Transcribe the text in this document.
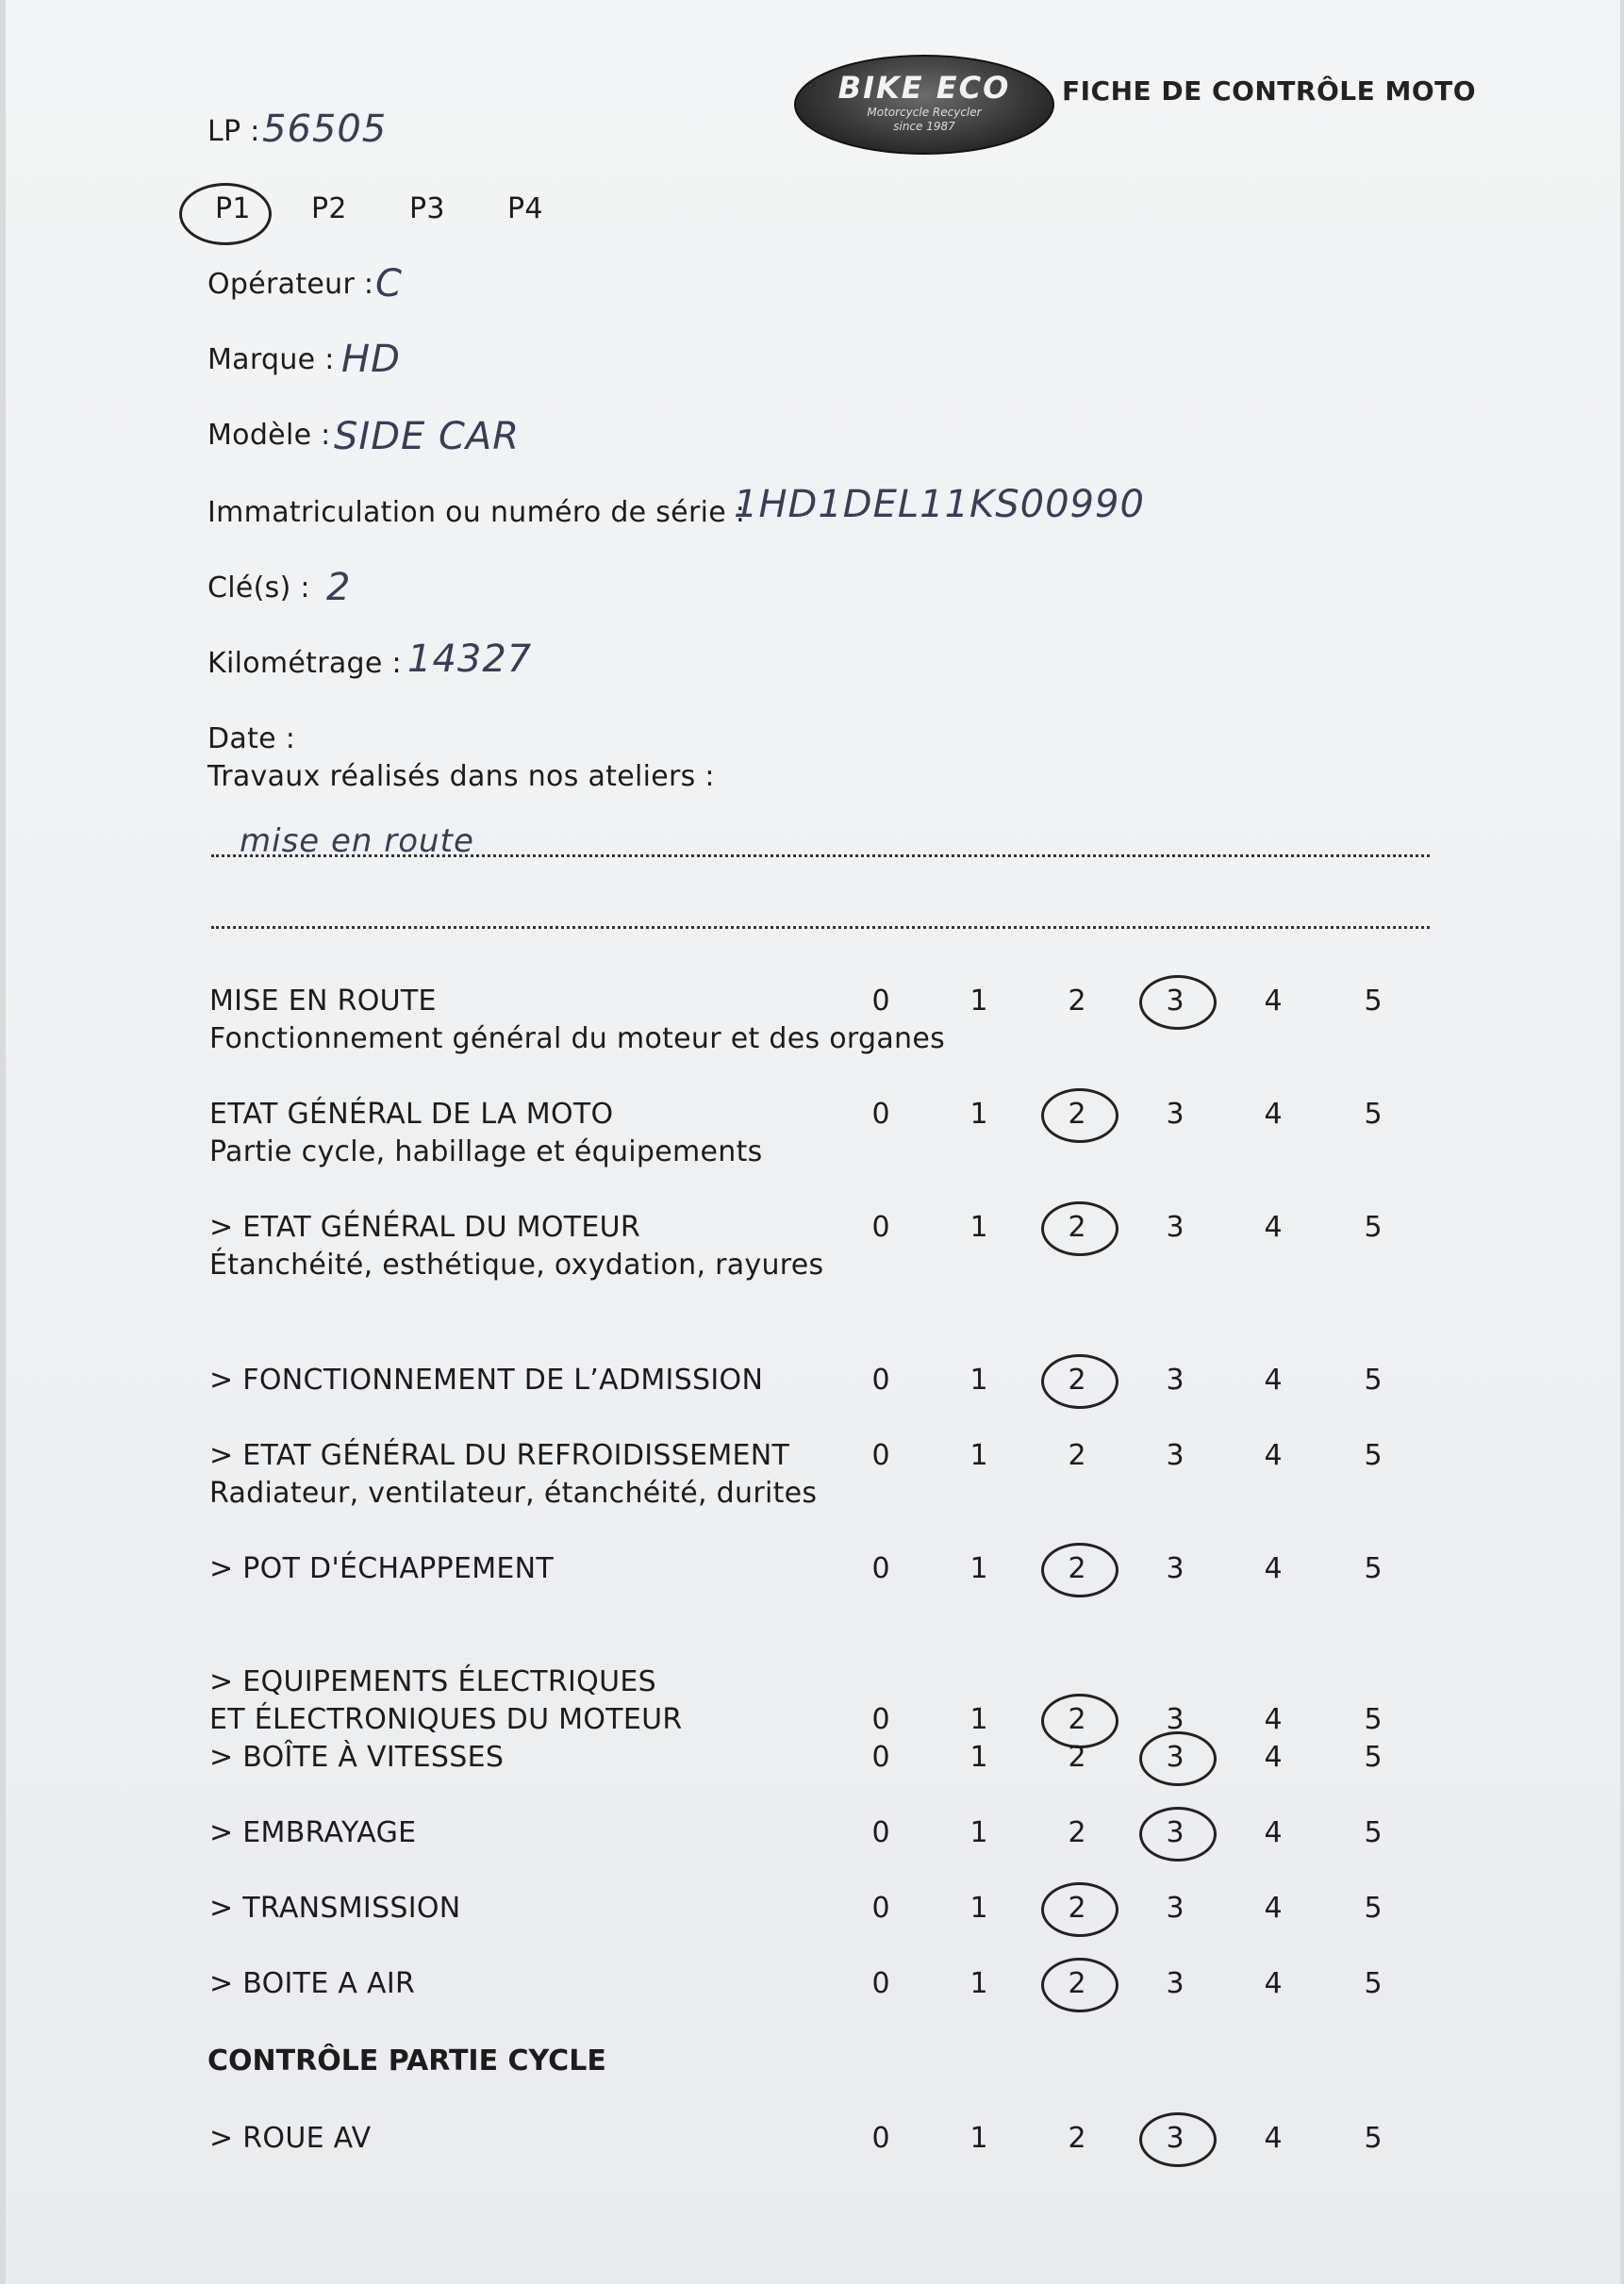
BIKE ECO
Motorcycle Recycler
since 1987
FICHE DE CONTRÔLE MOTO
LP : 56505
P1 P2 P3 P4
Opérateur : C
Marque : HD
Modèle : SIDE CAR
Immatriculation ou numéro de série :
1HD1DEL11KS00990
Clé(s) : 2
Kilométrage : 14327
Date :
Travaux réalisés dans nos ateliers :
mise en route
MISE EN ROUTE
Fonctionnement général du moteur et des organes
0	1	2	3	4	5
ETAT GÉNÉRAL DE LA MOTO
Partie cycle, habillage et équipements
0	1	2	3	4	5
> ETAT GÉNÉRAL DU MOTEUR
Étanchéité, esthétique, oxydation, rayures
0	1	2	3	4	5
> FONCTIONNEMENT DE L’ADMISSION	0	1	2	3	4	5
> ETAT GÉNÉRAL DU REFROIDISSEMENT
Radiateur, ventilateur, étanchéité, durites
0	1	2	3	4	5
> POT D'ÉCHAPPEMENT	0	1	2	3	4	5
> EQUIPEMENTS ÉLECTRIQUES
ET ÉLECTRONIQUES DU MOTEUR	0	1	2	3	4	5
> BOÎTE À VITESSES	0	1	2	3	4	5
> EMBRAYAGE	0	1	2	3	4	5
> TRANSMISSION	0	1	2	3	4	5
> BOITE A AIR	0	1	2	3	4	5
> ROUE AV	0	1	2	3	4	5
CONTRÔLE PARTIE CYCLE
